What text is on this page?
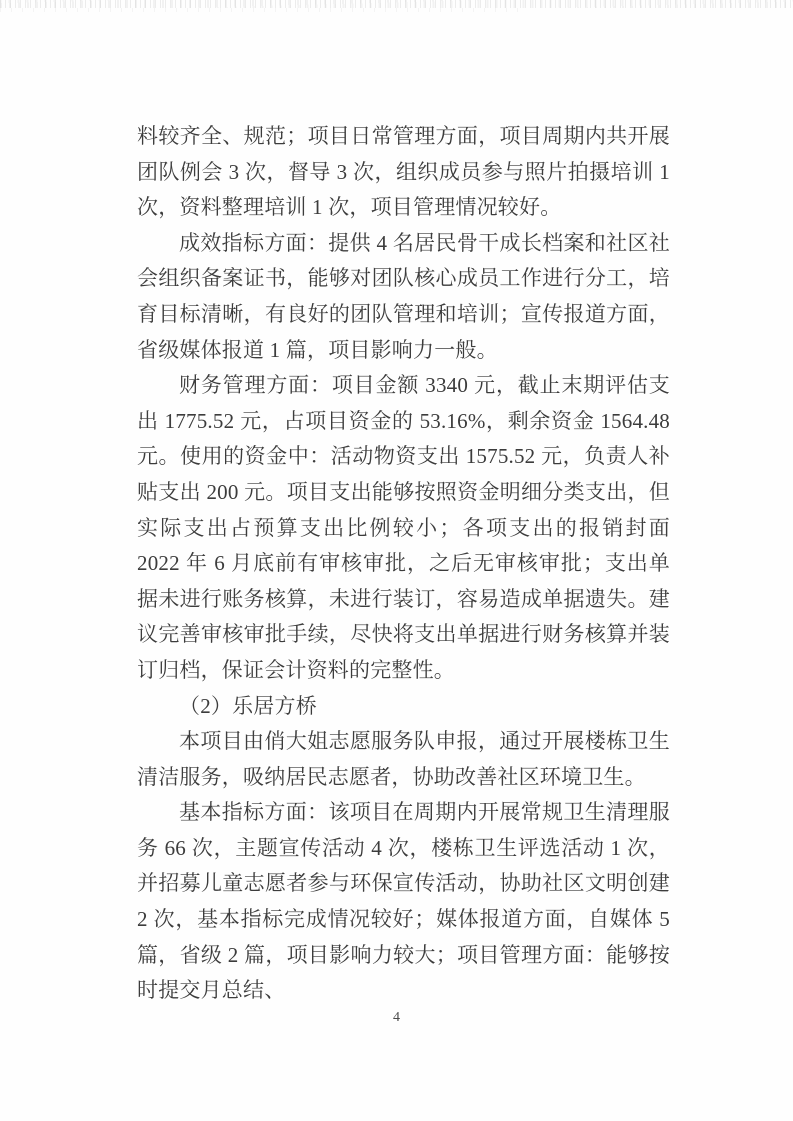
料较齐全、规范；项目日常管理方面，项目周期内共开展团队例会 3 次，督导 3 次，组织成员参与照片拍摄培训 1 次，资料整理培训 1 次，项目管理情况较好。

成效指标方面：提供 4 名居民骨干成长档案和社区社会组织备案证书，能够对团队核心成员工作进行分工，培育目标清晰，有良好的团队管理和培训；宣传报道方面，省级媒体报道 1 篇，项目影响力一般。

财务管理方面：项目金额 3340 元，截止末期评估支出 1775.52 元，占项目资金的 53.16%，剩余资金 1564.48 元。使用的资金中：活动物资支出 1575.52 元，负责人补贴支出 200 元。项目支出能够按照资金明细分类支出，但实际支出占预算支出比例较小；各项支出的报销封面 2022 年 6 月底前有审核审批，之后无审核审批；支出单据未进行账务核算，未进行装订，容易造成单据遗失。建议完善审核审批手续，尽快将支出单据进行财务核算并装订归档，保证会计资料的完整性。

（2）乐居方桥

本项目由俏大姐志愿服务队申报，通过开展楼栋卫生清洁服务，吸纳居民志愿者，协助改善社区环境卫生。

基本指标方面：该项目在周期内开展常规卫生清理服务 66 次，主题宣传活动 4 次，楼栋卫生评选活动 1 次，并招募儿童志愿者参与环保宣传活动，协助社区文明创建 2 次，基本指标完成情况较好；媒体报道方面，自媒体 5 篇，省级 2 篇，项目影响力较大；项目管理方面：能够按时提交月总结、

4
